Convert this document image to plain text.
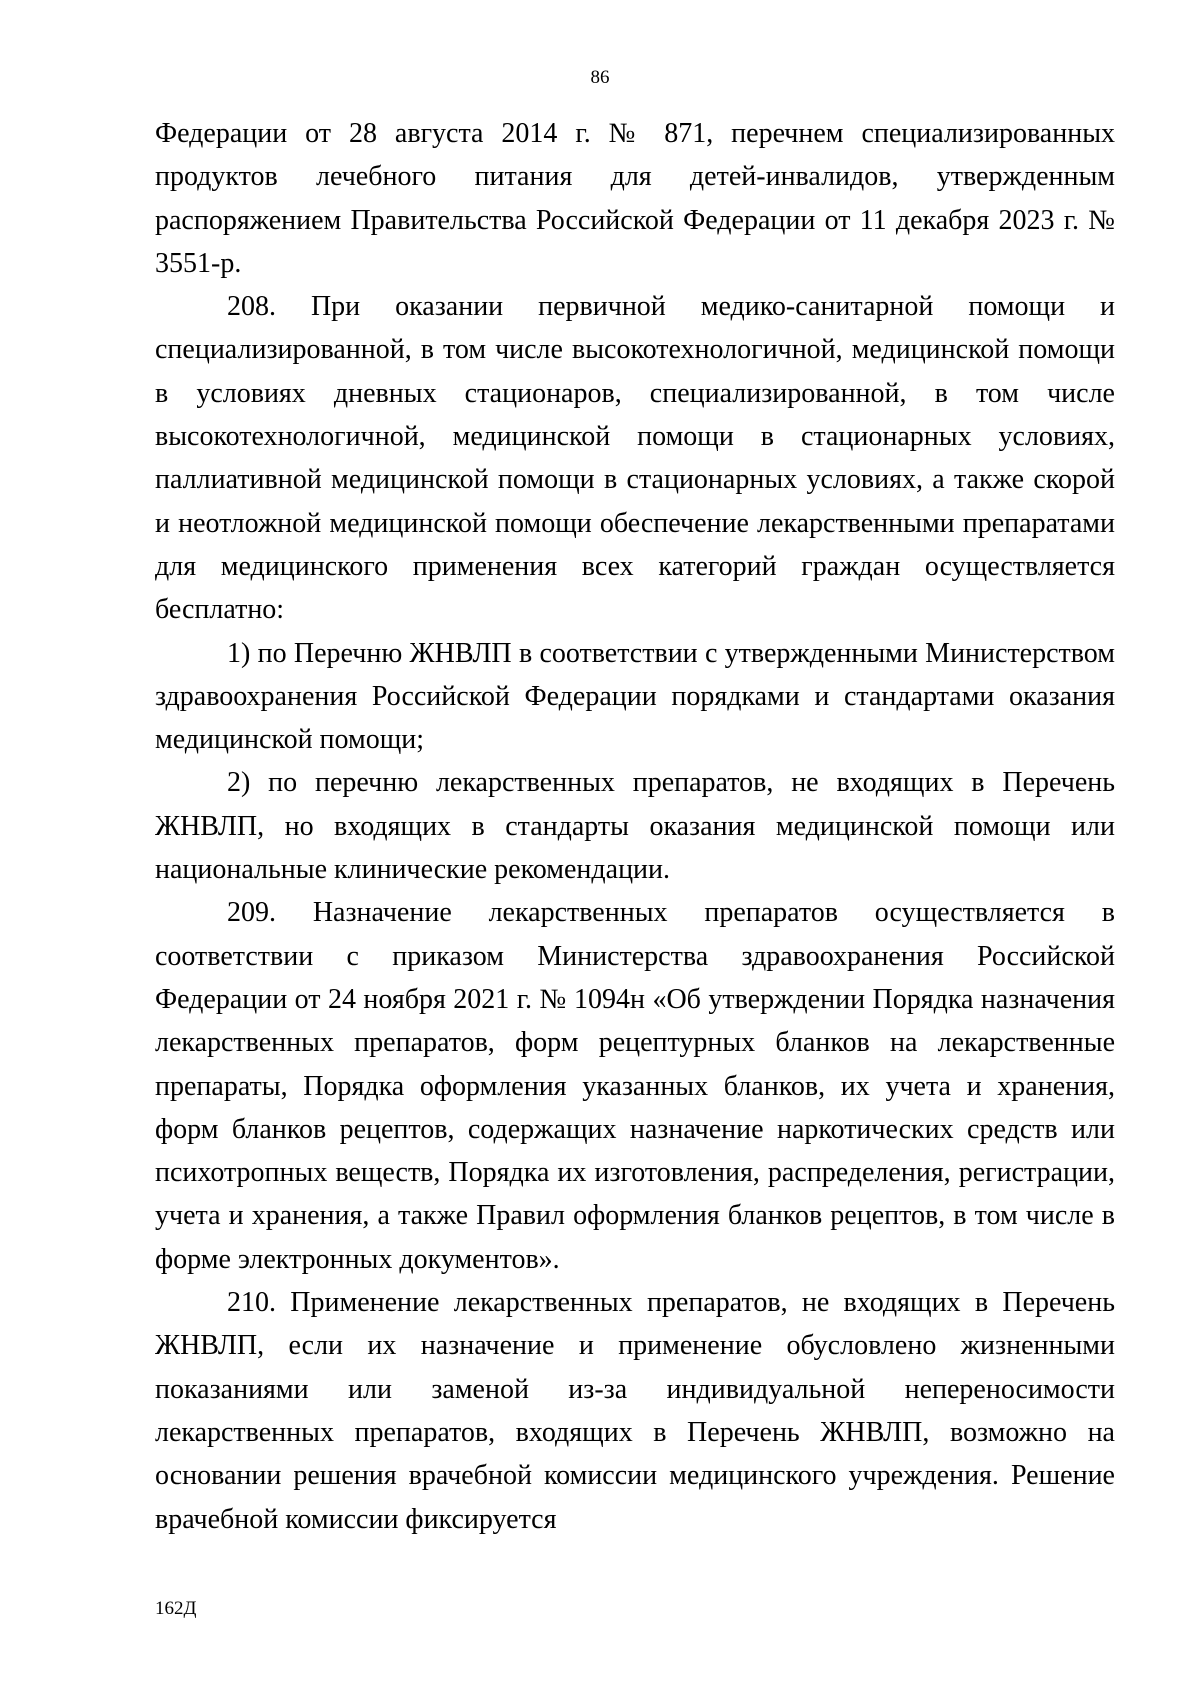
86

Федерации от 28 августа 2014 г. № 871, перечнем специализированных продуктов лечебного питания для детей-инвалидов, утвержденным распоряжением Правительства Российской Федерации от 11 декабря 2023 г. № 3551-р.

208. При оказании первичной медико-санитарной помощи и специализированной, в том числе высокотехнологичной, медицинской помощи в условиях дневных стационаров, специализированной, в том числе высокотехнологичной, медицинской помощи в стационарных условиях, паллиативной медицинской помощи в стационарных условиях, а также скорой и неотложной медицинской помощи обеспечение лекарственными препаратами для медицинского применения всех категорий граждан осуществляется бесплатно:

1) по Перечню ЖНВЛП в соответствии с утвержденными Министерством здравоохранения Российской Федерации порядками и стандартами оказания медицинской помощи;

2) по перечню лекарственных препаратов, не входящих в Перечень ЖНВЛП, но входящих в стандарты оказания медицинской помощи или национальные клинические рекомендации.

209. Назначение лекарственных препаратов осуществляется в соответствии с приказом Министерства здравоохранения Российской Федерации от 24 ноября 2021 г. № 1094н «Об утверждении Порядка назначения лекарственных препаратов, форм рецептурных бланков на лекарственные препараты, Порядка оформления указанных бланков, их учета и хранения, форм бланков рецептов, содержащих назначение наркотических средств или психотропных веществ, Порядка их изготовления, распределения, регистрации, учета и хранения, а также Правил оформления бланков рецептов, в том числе в форме электронных документов».

210. Применение лекарственных препаратов, не входящих в Перечень ЖНВЛП, если их назначение и применение обусловлено жизненными показаниями или заменой из-за индивидуальной непереносимости лекарственных препаратов, входящих в Перечень ЖНВЛП, возможно на основании решения врачебной комиссии медицинского учреждения. Решение врачебной комиссии фиксируется

162Д
